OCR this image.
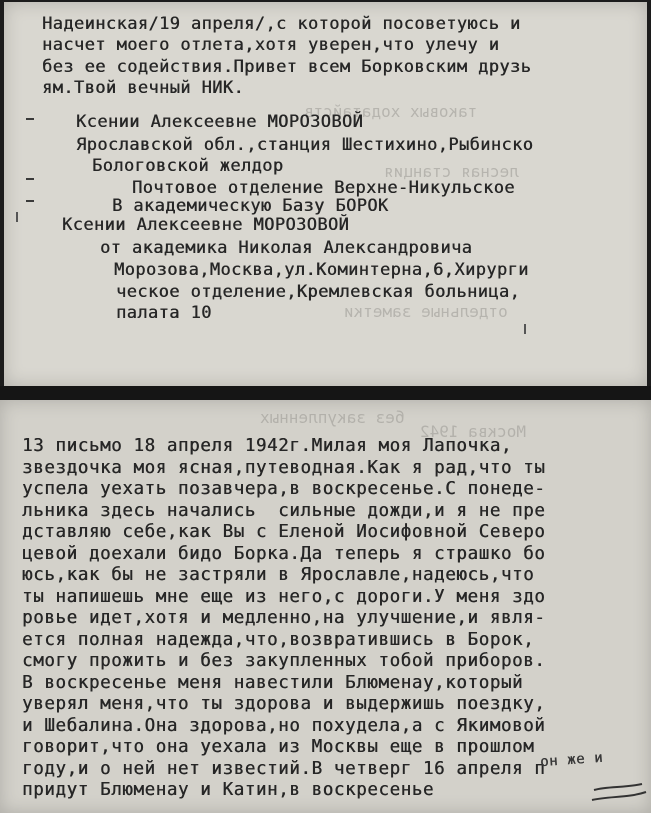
таковых ходатайств
лесная станция
отдельные заметки
Надеинская/19 апреля/,с которой посоветуюсь и
насчет моего отлета,хотя уверен,что улечу и
без ее содействия.Привет всем Борковским друзь
ям.Твой вечный НИК.
Ксении Алексеевне МОРОЗОВОЙ
Ярославской обл.,станция Шестихино,Рыбинско
Бологовской желдор
Почтовое отделение Верхне-Никульское
В академическую Базу БОРОК
Ксении Алексеевне МОРОЗОВОЙ
от академика Николая Александровича
Морозова,Москва,ул.Коминтерна,6,Хирурги
ческое отделение,Кремлевская больница,
палата 10
без закупленных
Москва 1942
13 письмо 18 апреля 1942г.Милая моя Лапочка,
звездочка моя ясная,путеводная.Как я рад,что ты
успела уехать позавчера,в воскресенье.С понеде-
льника здесь начались  сильные дожди,и я не пре
дставляю себе,как Вы с Еленой Иосифовной Северо
цевой доехали бидо Борка.Да теперь я страшко бо
юсь,как бы не застряли в Ярославле,надеюсь,что
ты напишешь мне еще из него,с дороги.У меня здо
ровье идет,хотя и медленно,на улучшение,и явля-
ется полная надежда,что,возвратившись в Борок,
смогу прожить и без закупленных тобой приборов.
В воскресенье меня навестили Блюменау,который
уверял меня,что ты здорова и выдержишь поездку,
и Шебалина.Она здорова,но похудела,а с Якимовой
говорит,что она уехала из Москвы еще в прошлом
году,и о ней нет известий.В четверг 16 апреля п
придут Блюменау и Катин,в воскресенье
он же и
